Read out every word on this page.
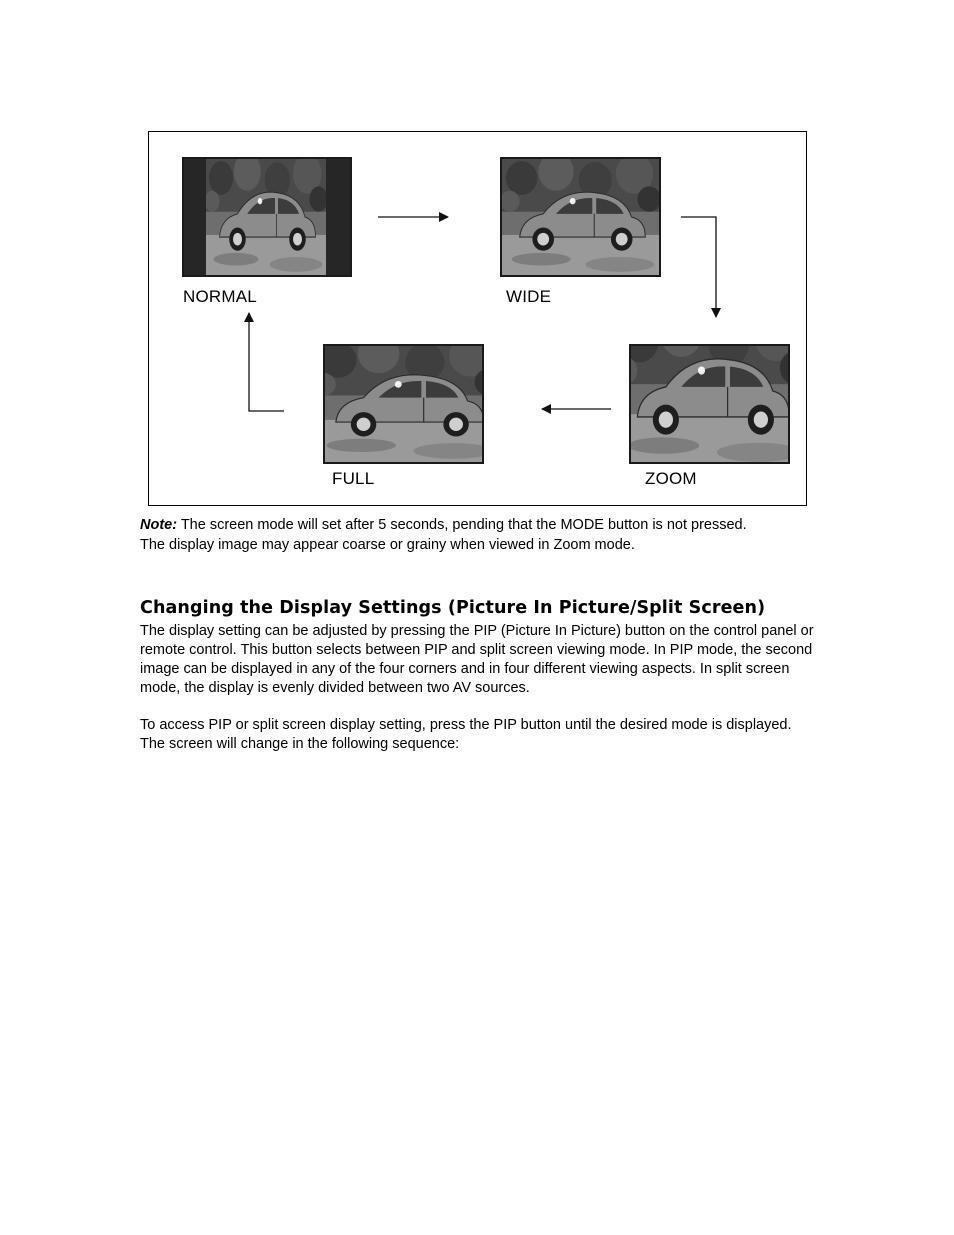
NORMAL	WIDE
FULL	ZOOM
Note: The screen mode will set after 5 seconds, pending that the MODE button is not pressed.
The display image may appear coarse or grainy when viewed in Zoom mode.
Changing the Display Settings (Picture In Picture/Split Screen)

The display setting can be adjusted by pressing the PIP (Picture In Picture) button on the control panel or remote control. This button selects between PIP and split screen viewing mode. In PIP mode, the second image can be displayed in any of the four corners and in four different viewing aspects. In split screen mode, the display is evenly divided between two AV sources.

To access PIP or split screen display setting, press the PIP button until the desired mode is displayed. The screen will change in the following sequence:
